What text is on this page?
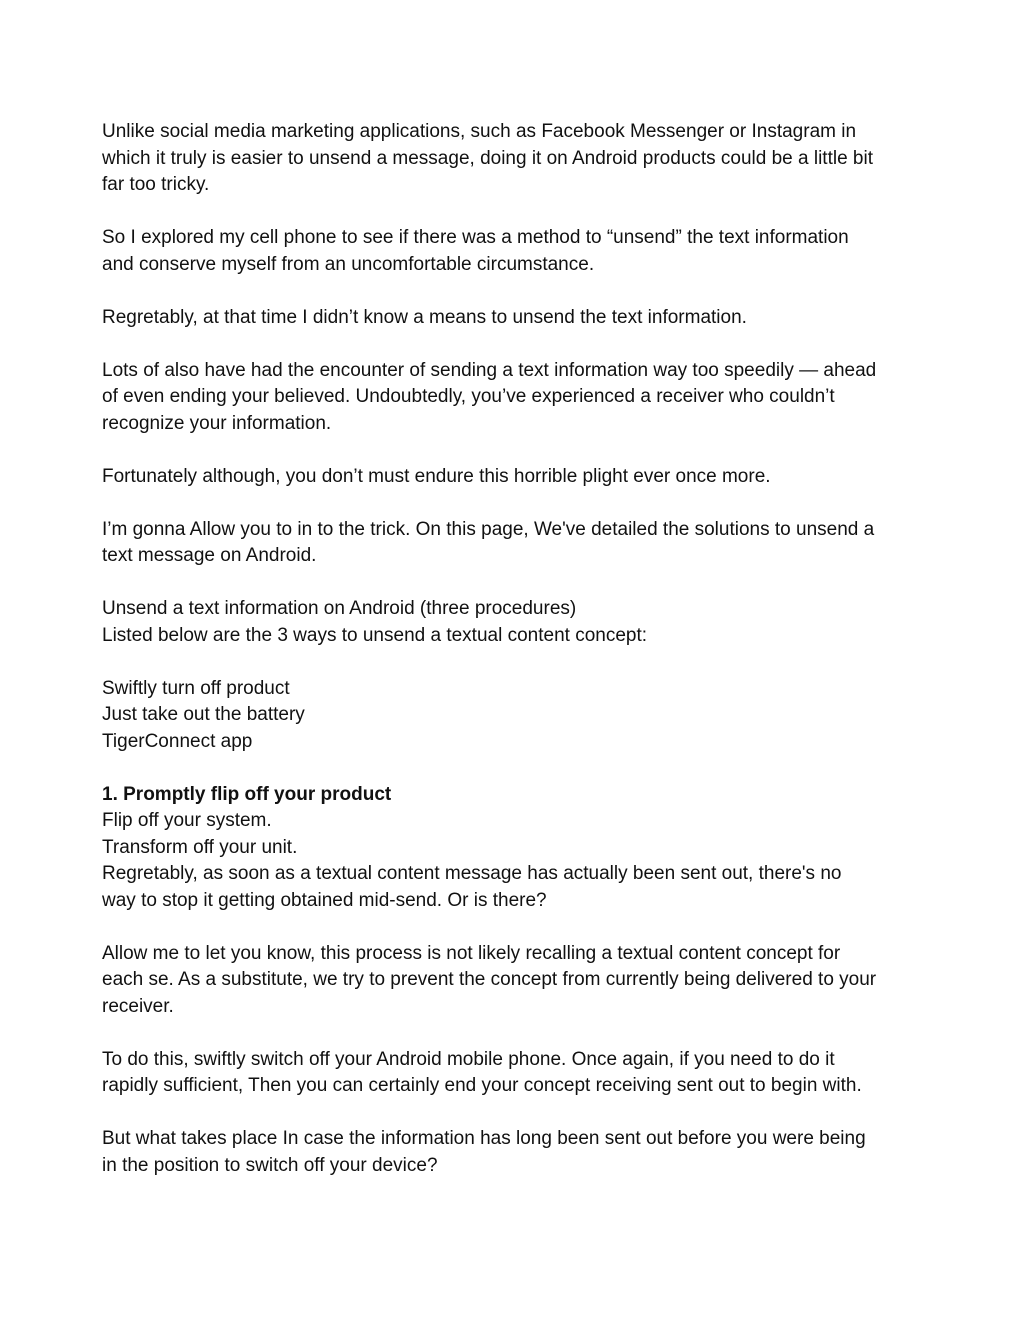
Unlike social media marketing applications, such as Facebook Messenger or Instagram in
which it truly is easier to unsend a message, doing it on Android products could be a little bit
far too tricky.
So I explored my cell phone to see if there was a method to “unsend” the text information
and conserve myself from an uncomfortable circumstance.
Regretably, at that time I didn’t know a means to unsend the text information.
Lots of also have had the encounter of sending a text information way too speedily — ahead
of even ending your believed. Undoubtedly, you’ve experienced a receiver who couldn’t
recognize your information.
Fortunately although, you don’t must endure this horrible plight ever once more.
I’m gonna Allow you to in to the trick. On this page, We've detailed the solutions to unsend a
text message on Android.
Unsend a text information on Android (three procedures)
Listed below are the 3 ways to unsend a textual content concept:
Swiftly turn off product
Just take out the battery
TigerConnect app
1. Promptly flip off your product
Flip off your system.
Transform off your unit.
Regretably, as soon as a textual content message has actually been sent out, there's no
way to stop it getting obtained mid-send. Or is there?
Allow me to let you know, this process is not likely recalling a textual content concept for
each se. As a substitute, we try to prevent the concept from currently being delivered to your
receiver.
To do this, swiftly switch off your Android mobile phone. Once again, if you need to do it
rapidly sufficient, Then you can certainly end your concept receiving sent out to begin with.
But what takes place In case the information has long been sent out before you were being
in the position to switch off your device?
